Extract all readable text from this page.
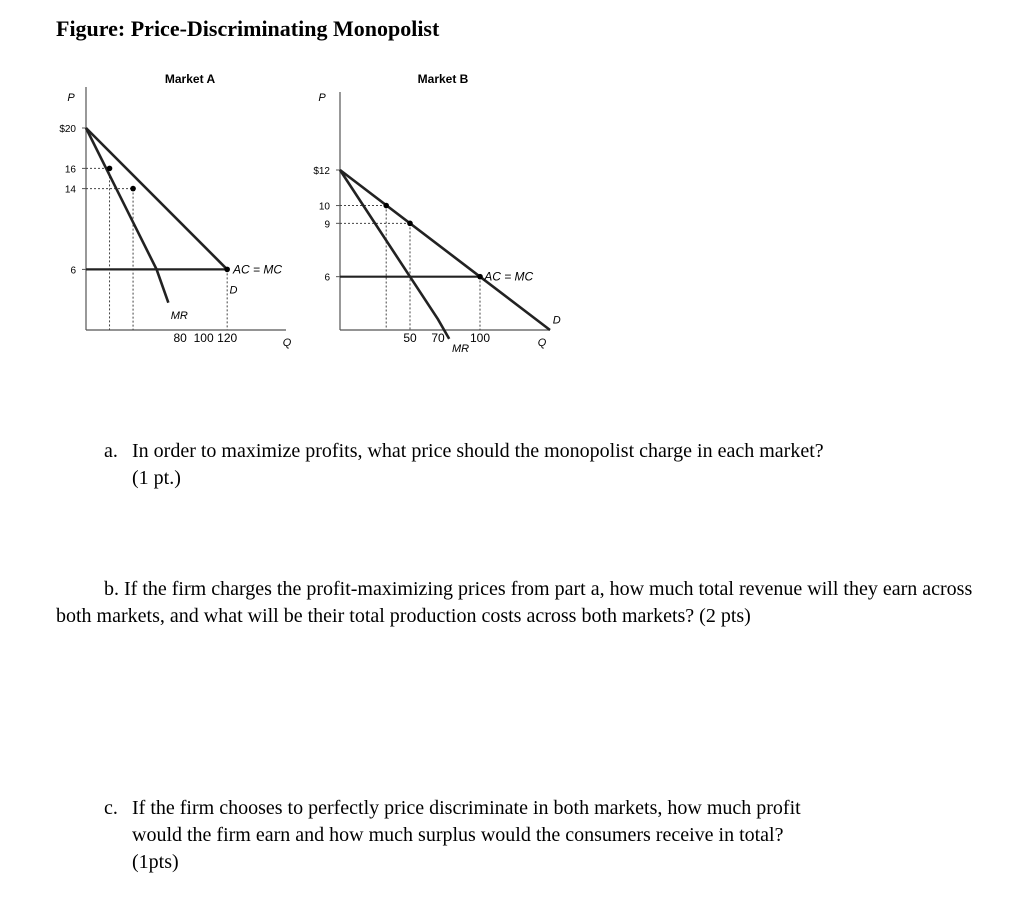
Figure: Price-Discriminating Monopolist
Market A
P
Q
$20
16
14
6
80 100 120
D
MR
AC = MC
Market B
P
Q
$12
10
9
6
50 70 100
D
MR
AC = MC
a. In order to maximize profits, what price should the monopolist charge in each market?
(1 pt.)
b. If the firm charges the profit-maximizing prices from part a, how much total revenue will they earn across both markets, and what will be their total production costs across both markets? (2 pts)
c. If the firm chooses to perfectly price discriminate in both markets, how much profit
would the firm earn and how much surplus would the consumers receive in total?
(1pts)
